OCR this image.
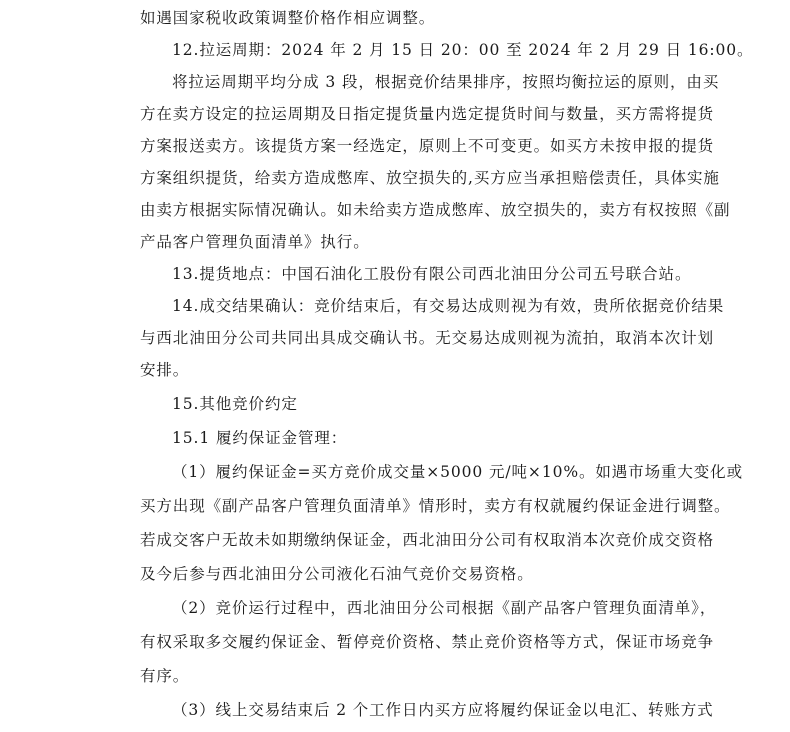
如遇国家税收政策调整价格作相应调整。
12.拉运周期：2024 年 2 月 15 日 20：00 至 2024 年 2 月 29 日 16:00。
将拉运周期平均分成 3 段，根据竞价结果排序，按照均衡拉运的原则，由买
方在卖方设定的拉运周期及日指定提货量内选定提货时间与数量，买方需将提货
方案报送卖方。该提货方案一经选定，原则上不可变更。如买方未按申报的提货
方案组织提货，给卖方造成憋库、放空损失的,买方应当承担赔偿责任，具体实施
由卖方根据实际情况确认。如未给卖方造成憋库、放空损失的，卖方有权按照《副
产品客户管理负面清单》执行。
13.提货地点：中国石油化工股份有限公司西北油田分公司五号联合站。
14.成交结果确认：竞价结束后，有交易达成则视为有效，贵所依据竞价结果
与西北油田分公司共同出具成交确认书。无交易达成则视为流拍，取消本次计划
安排。
15.其他竞价约定
15.1 履约保证金管理：
（1）履约保证金=买方竞价成交量×5000 元/吨×10%。如遇市场重大变化或
买方出现《副产品客户管理负面清单》情形时，卖方有权就履约保证金进行调整。
若成交客户无故未如期缴纳保证金，西北油田分公司有权取消本次竞价成交资格
及今后参与西北油田分公司液化石油气竞价交易资格。
（2）竞价运行过程中，西北油田分公司根据《副产品客户管理负面清单》，
有权采取多交履约保证金、暂停竞价资格、禁止竞价资格等方式，保证市场竞争
有序。
（3）线上交易结束后 2 个工作日内买方应将履约保证金以电汇、转账方式
